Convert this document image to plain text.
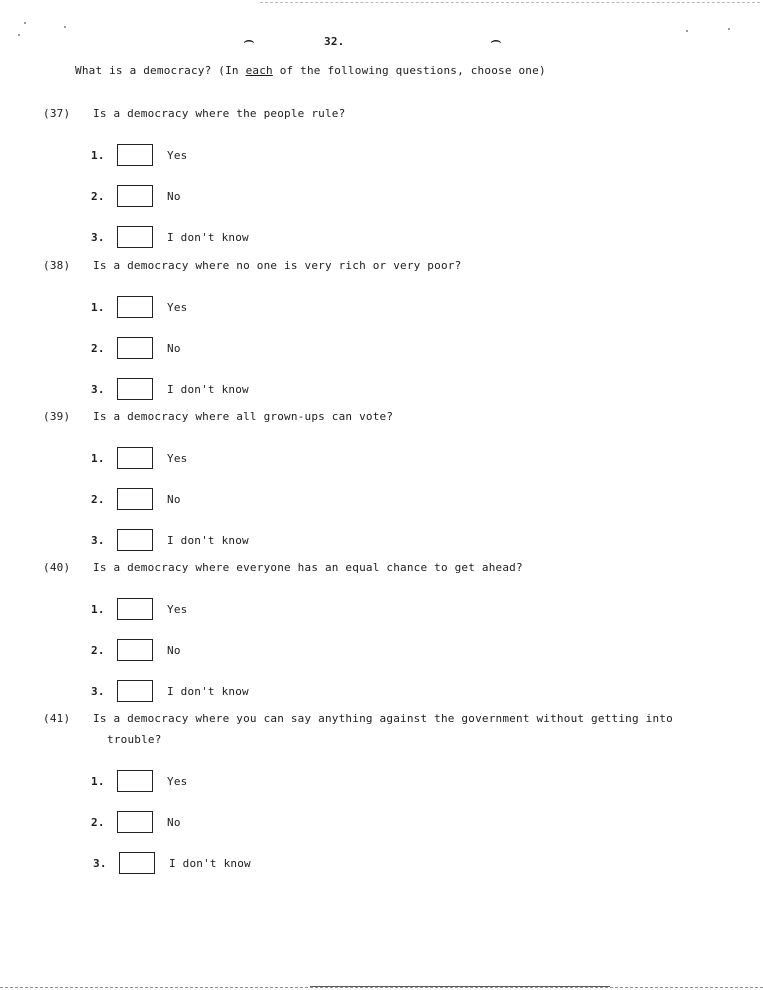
⌢	⌢
32.
What is a democracy? (In each of the following questions, choose one)
(37) Is a democracy where the people rule?
1.	Yes
2.	No
3.	I don't know
(38) Is a democracy where no one is very rich or very poor?
1.	Yes
2.	No
3.	I don't know
(39) Is a democracy where all grown-ups can vote?
1.	Yes
2.	No
3.	I don't know
(40) Is a democracy where everyone has an equal chance to get ahead?
1.	Yes
2.	No
3.	I don't know
(41) Is a democracy where you can say anything against the government without getting into
trouble?
1.	Yes
2.	No
3.	I don't know
